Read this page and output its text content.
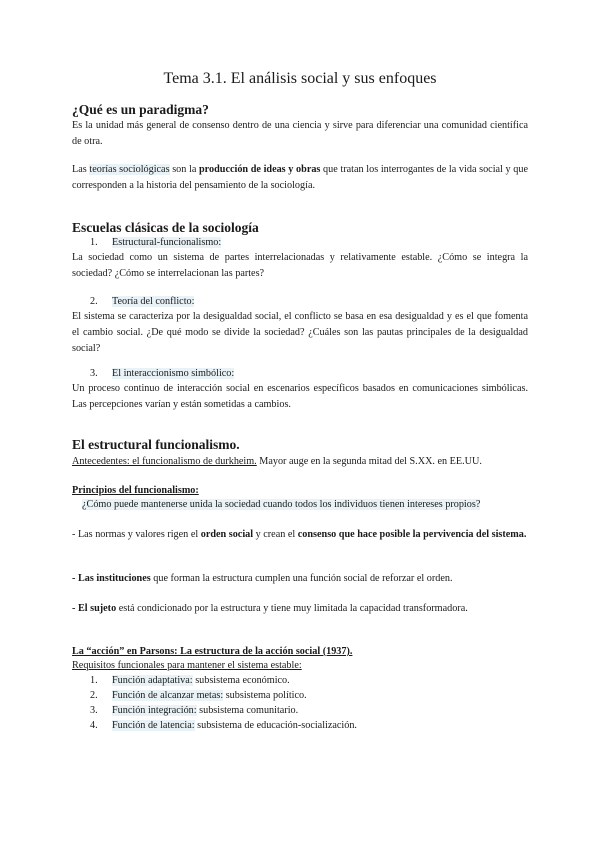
Tema 3.1. El análisis social y sus enfoques
¿Qué es un paradigma?
Es la unidad más general de consenso dentro de una ciencia y sirve para diferenciar una comunidad científica de otra.
Las teorías sociológicas son la producción de ideas y obras que tratan los interrogantes de la vida social y que corresponden a la historia del pensamiento de la sociología.
Escuelas clásicas de la sociología
1. Estructural-funcionalismo:
La sociedad como un sistema de partes interrelacionadas y relativamente estable. ¿Cómo se integra la sociedad? ¿Cómo se interrelacionan las partes?
2. Teoría del conflicto:
El sistema se caracteriza por la desigualdad social, el conflicto se basa en esa desigualdad y es el que fomenta el cambio social. ¿De qué modo se divide la sociedad? ¿Cuáles son las pautas principales de la desigualdad social?
3. El interaccionismo simbólico:
Un proceso continuo de interacción social en escenarios específicos basados en comunicaciones simbólicas. Las percepciones varían y están sometidas a cambios.
El estructural funcionalismo.
Antecedentes: el funcionalismo de durkheim. Mayor auge en la segunda mitad del S.XX. en EE.UU.
Principios del funcionalismo:
¿Cómo puede mantenerse unida la sociedad cuando todos los individuos tienen intereses propios?
- Las normas y valores rigen el orden social y crean el consenso que hace posible la pervivencia del sistema.
- Las instituciones que forman la estructura cumplen una función social de reforzar el orden.
- El sujeto está condicionado por la estructura y tiene muy limitada la capacidad transformadora.
La “acción” en Parsons: La estructura de la acción social (1937).
Requisitos funcionales para mantener el sistema estable:
1. Función adaptativa: subsistema económico.
2. Función de alcanzar metas: subsistema político.
3. Función integración: subsistema comunitario.
4. Función de latencia: subsistema de educación-socialización.
